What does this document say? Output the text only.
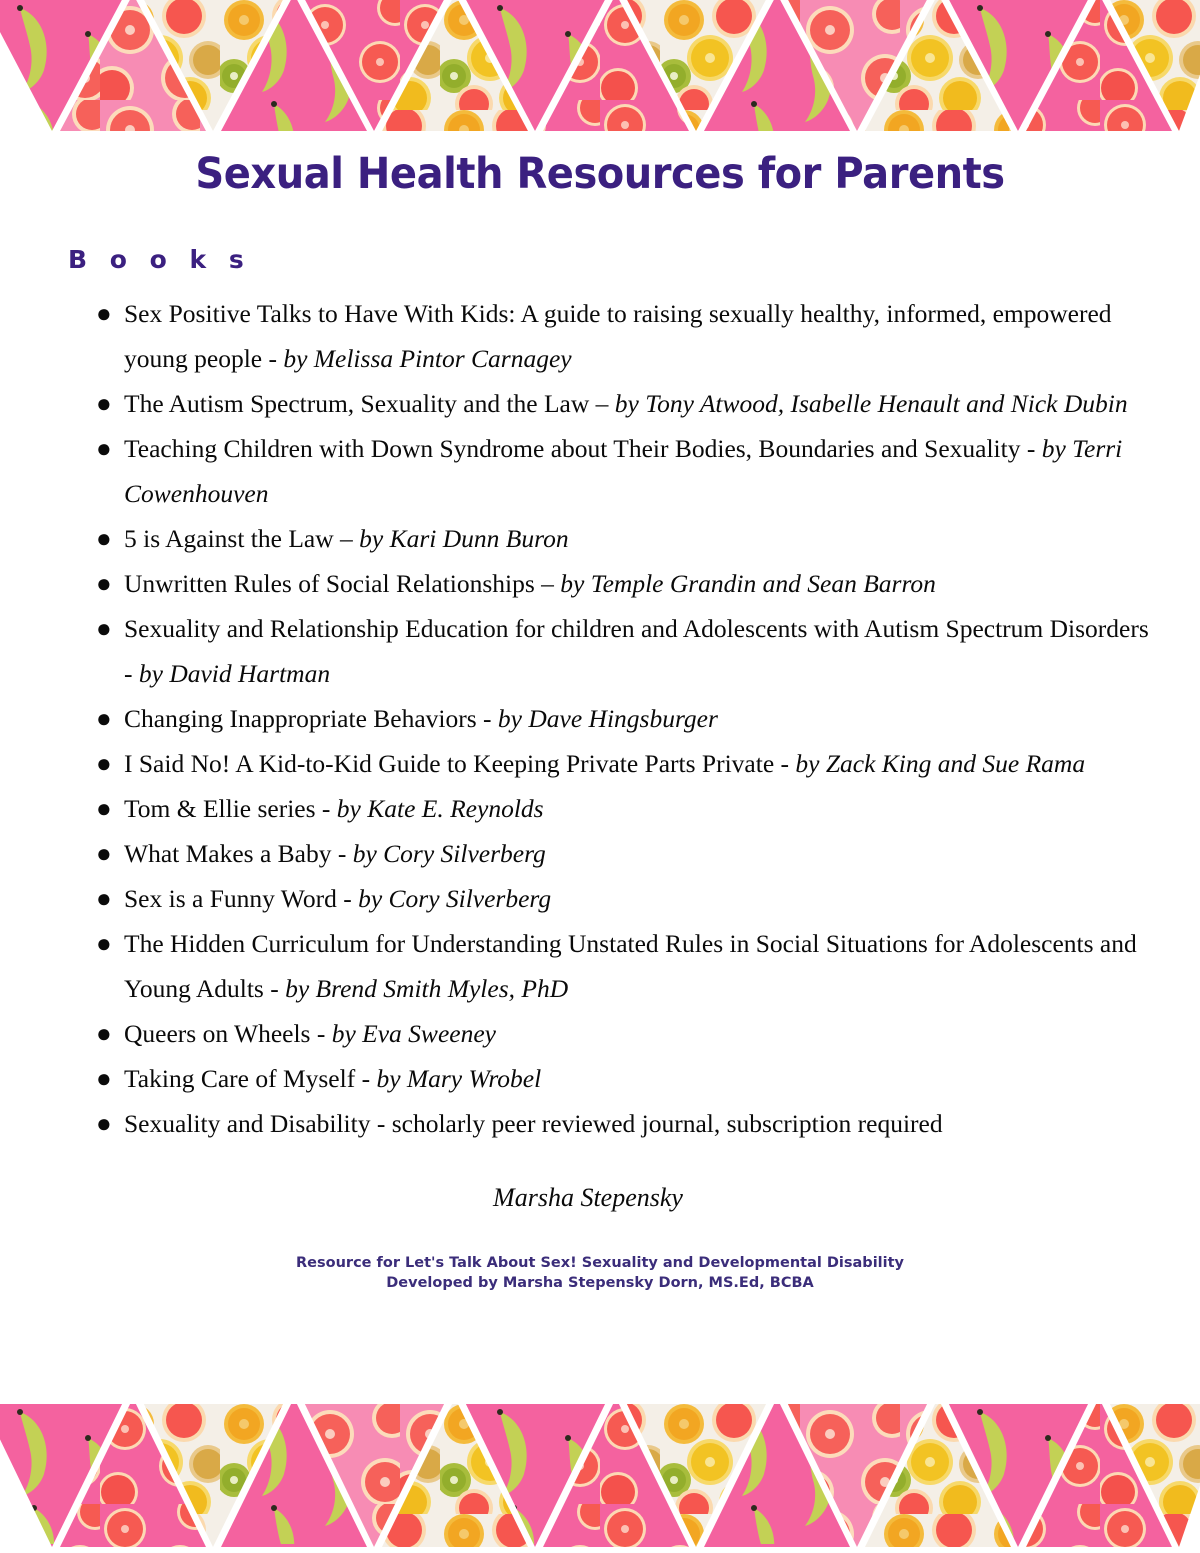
Sexual Health Resources for Parents
B o o k s
● Sex Positive Talks to Have With Kids: A guide to raising sexually healthy, informed, empowered young people - by Melissa Pintor Carnagey
● The Autism Spectrum, Sexuality and the Law – by Tony Atwood, Isabelle Henault and Nick Dubin
● Teaching Children with Down Syndrome about Their Bodies, Boundaries and Sexuality - by Terri Cowenhouven
● 5 is Against the Law – by Kari Dunn Buron
● Unwritten Rules of Social Relationships – by Temple Grandin and Sean Barron
● Sexuality and Relationship Education for children and Adolescents with Autism Spectrum Disorders - by David Hartman
● Changing Inappropriate Behaviors - by Dave Hingsburger
● I Said No! A Kid-to-Kid Guide to Keeping Private Parts Private - by Zack King and Sue Rama
● Tom & Ellie series - by Kate E. Reynolds
● What Makes a Baby - by Cory Silverberg
● Sex is a Funny Word - by Cory Silverberg
● The Hidden Curriculum for Understanding Unstated Rules in Social Situations for Adolescents and Young Adults - by Brend Smith Myles, PhD
● Queers on Wheels - by Eva Sweeney
● Taking Care of Myself - by Mary Wrobel
● Sexuality and Disability - scholarly peer reviewed journal, subscription required

Marsha Stepensky

Resource for Let's Talk About Sex! Sexuality and Developmental Disability
Developed by Marsha Stepensky Dorn, MS.Ed, BCBA
